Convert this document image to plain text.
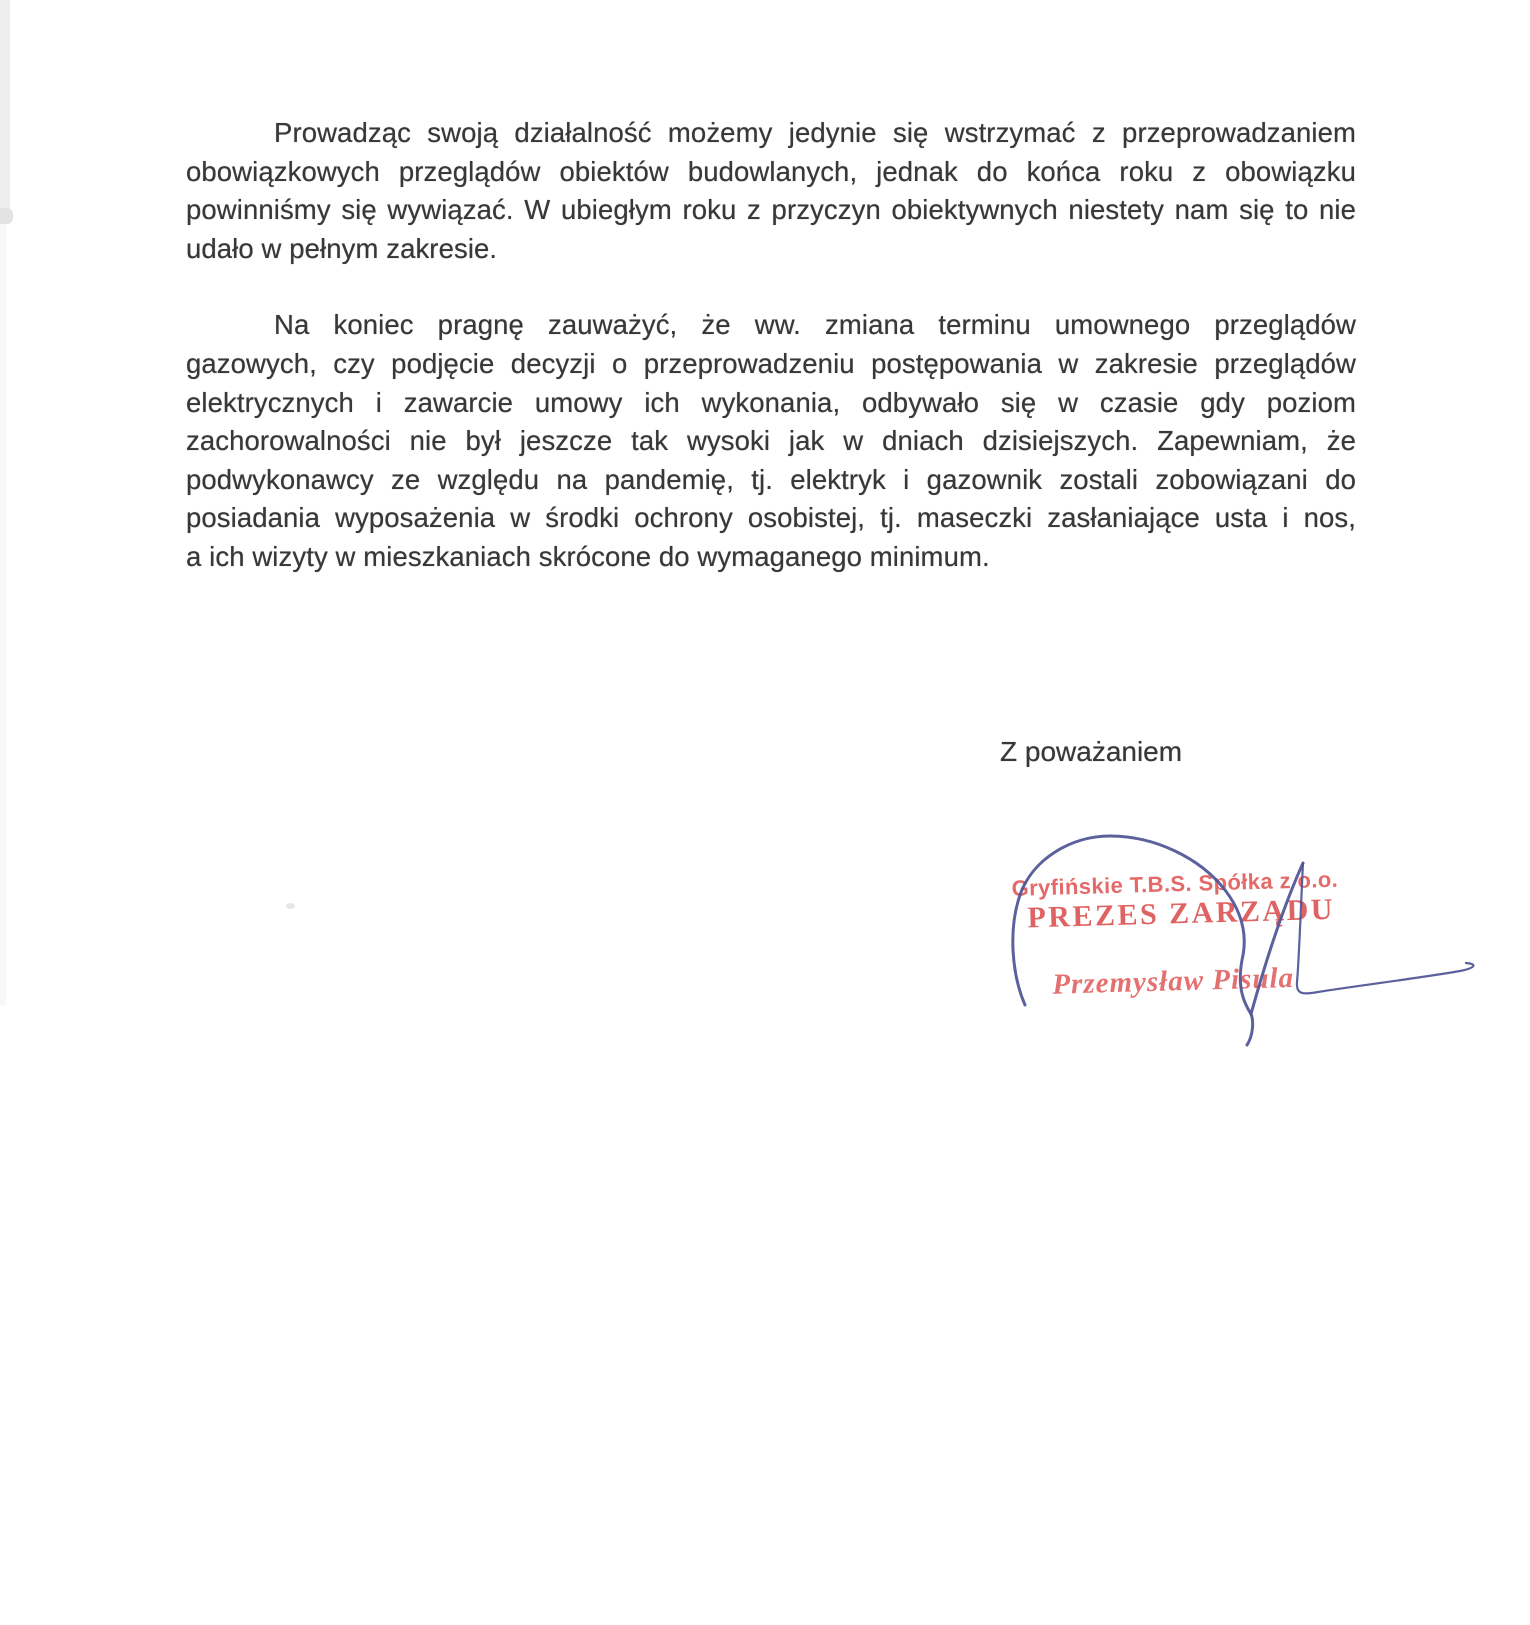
Prowadząc swoją działalność możemy jedynie się wstrzymać z przeprowadzaniem
obowiązkowych przeglądów obiektów budowlanych, jednak do końca roku z obowiązku
powinniśmy się wywiązać. W ubiegłym roku z przyczyn obiektywnych niestety nam się to nie
udało w pełnym zakresie.
Na koniec pragnę zauważyć, że ww. zmiana terminu umownego przeglądów
gazowych, czy podjęcie decyzji o przeprowadzeniu postępowania w zakresie przeglądów
elektrycznych i zawarcie umowy ich wykonania, odbywało się w czasie gdy poziom
zachorowalności nie był jeszcze tak wysoki jak w dniach dzisiejszych. Zapewniam, że
podwykonawcy ze względu na pandemię, tj. elektryk i gazownik zostali zobowiązani do
posiadania wyposażenia w środki ochrony osobistej, tj. maseczki zasłaniające usta i nos,
a ich wizyty w mieszkaniach skrócone do wymaganego minimum.
Z poważaniem
Gryfińskie T.B.S. Spółka z o.o.
PREZES ZARZĄDU
Przemysław Pisula
